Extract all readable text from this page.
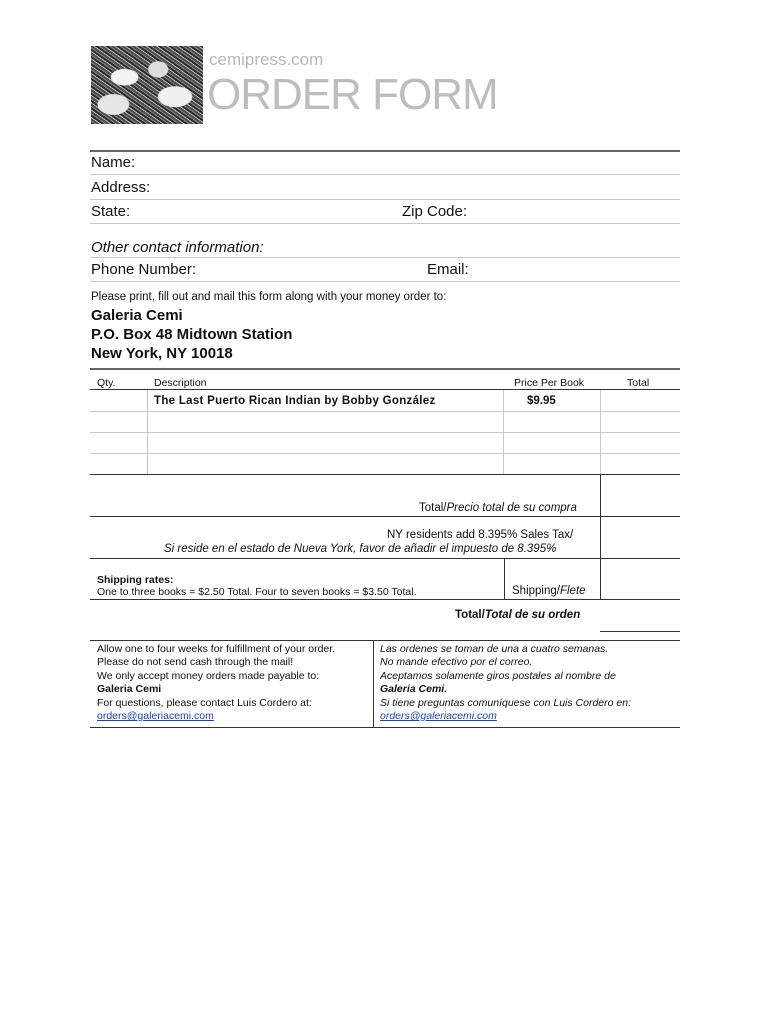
cemipress.com
ORDER FORM
Name:
Address:
State:	Zip Code:
Other contact information:
Phone Number:	Email:
Please print, fill out and mail this form along with your money order to:
Galeria Cemi
P.O. Box 48 Midtown Station
New York, NY 10018
Qty.	Description	Price Per Book	Total
The Last Puerto Rican Indian by Bobby González	$9.95
Total/Precio total de su compra
NY residents add 8.395% Sales Tax/
Si reside en el estado de Nueva York, favor de añadir el impuesto de 8.395%
Shipping rates:
One to three books = $2.50 Total. Four to seven books = $3.50 Total.	Shipping/Flete
Total/Total de su orden
Allow one to four weeks for fulfillment of your order.
Please do not send cash through the mail!
We only accept money orders made payable to:
Galeria Cemi
For questions, please contact Luis Cordero at:
orders@galeriacemi.com
Las ordenes se toman de una a cuatro semanas.
No mande efectivo por el correo.
Aceptamos solamente giros postales al nombre de
Galeria Cemi.
Si tiene preguntas comuníquese con Luis Cordero en:
orders@galeriacemi.com
